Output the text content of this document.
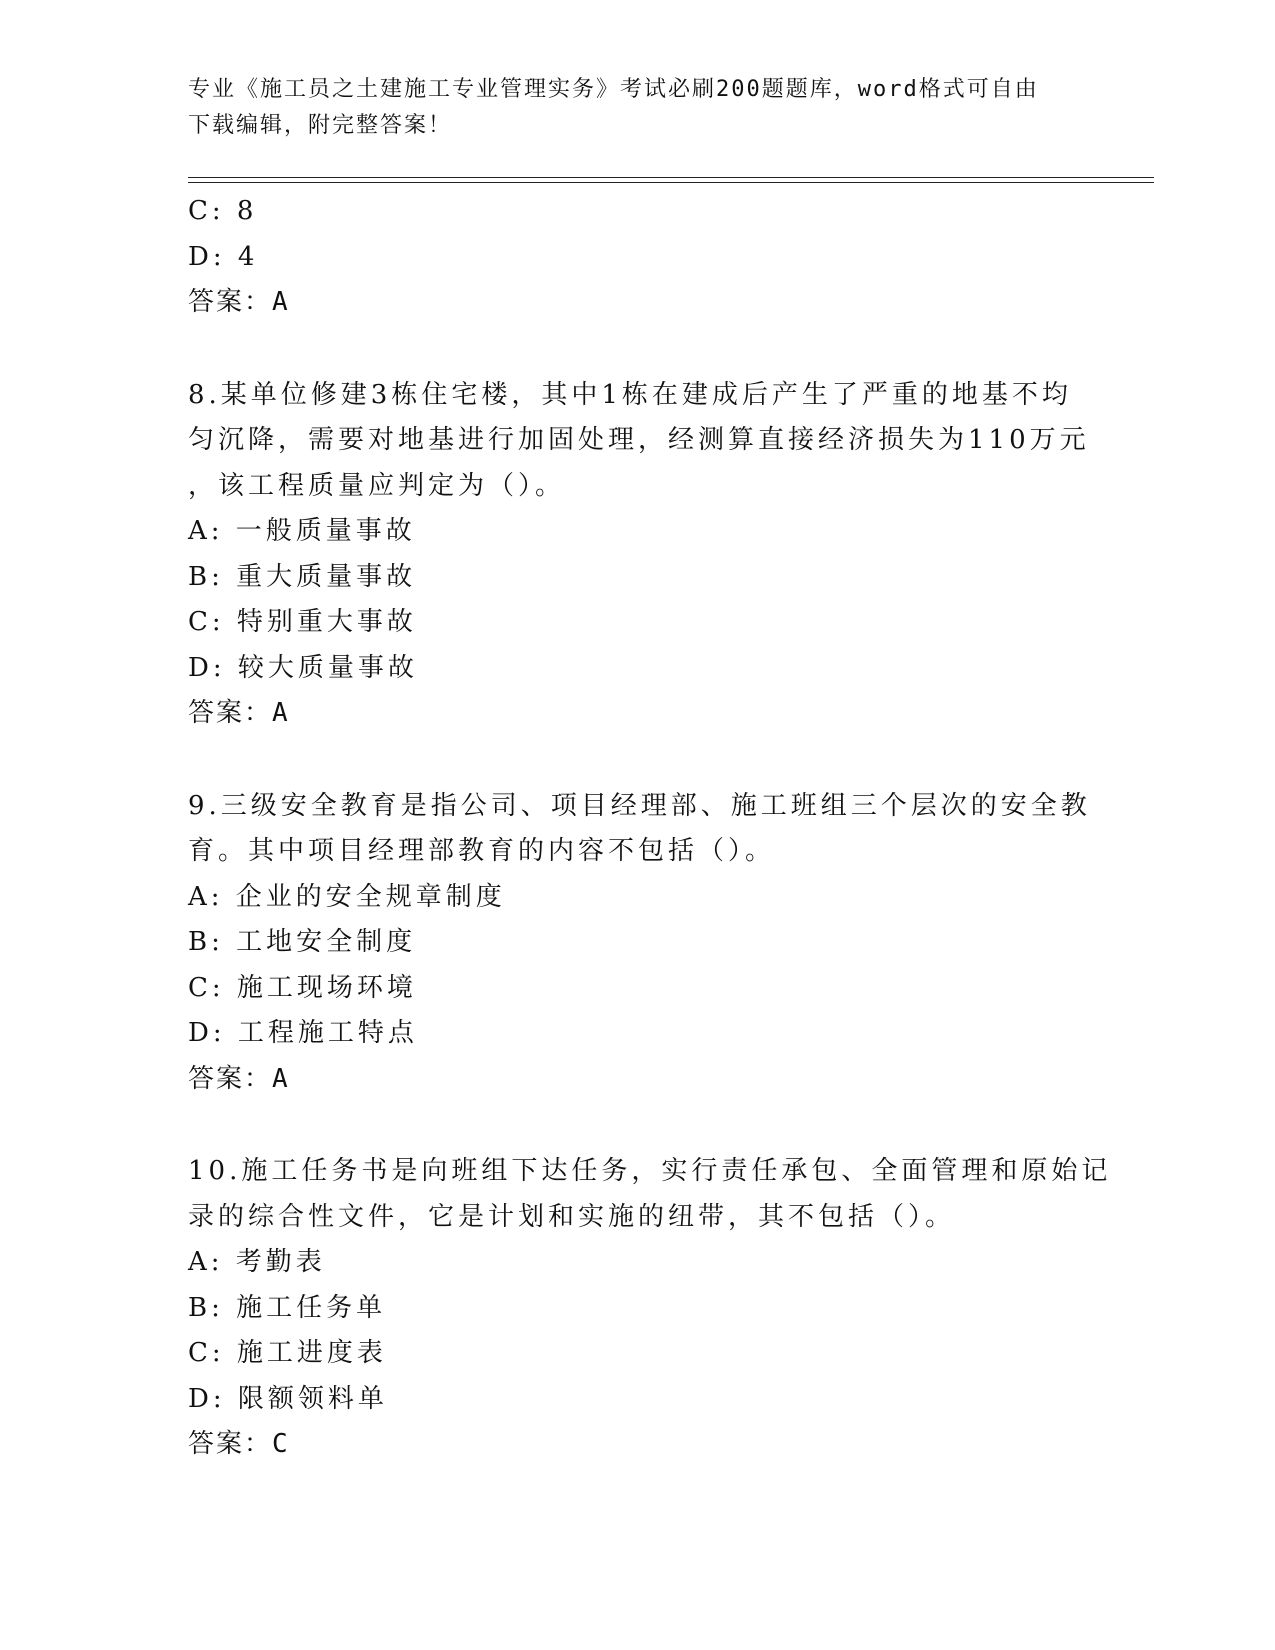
专业《施工员之土建施工专业管理实务》考试必刷200题题库，word格式可自由
下载编辑，附完整答案！
C: 8
D: 4
答案：A
8.某单位修建3栋住宅楼，其中1栋在建成后产生了严重的地基不均
匀沉降，需要对地基进行加固处理，经测算直接经济损失为110万元
，该工程质量应判定为（）。
A: 一般质量事故
B: 重大质量事故
C: 特别重大事故
D: 较大质量事故
答案：A
9.三级安全教育是指公司、项目经理部、施工班组三个层次的安全教
育。其中项目经理部教育的内容不包括（）。
A: 企业的安全规章制度
B: 工地安全制度
C: 施工现场环境
D: 工程施工特点
答案：A
10.施工任务书是向班组下达任务，实行责任承包、全面管理和原始记
录的综合性文件，它是计划和实施的纽带，其不包括（）。
A: 考勤表
B: 施工任务单
C: 施工进度表
D: 限额领料单
答案：C
